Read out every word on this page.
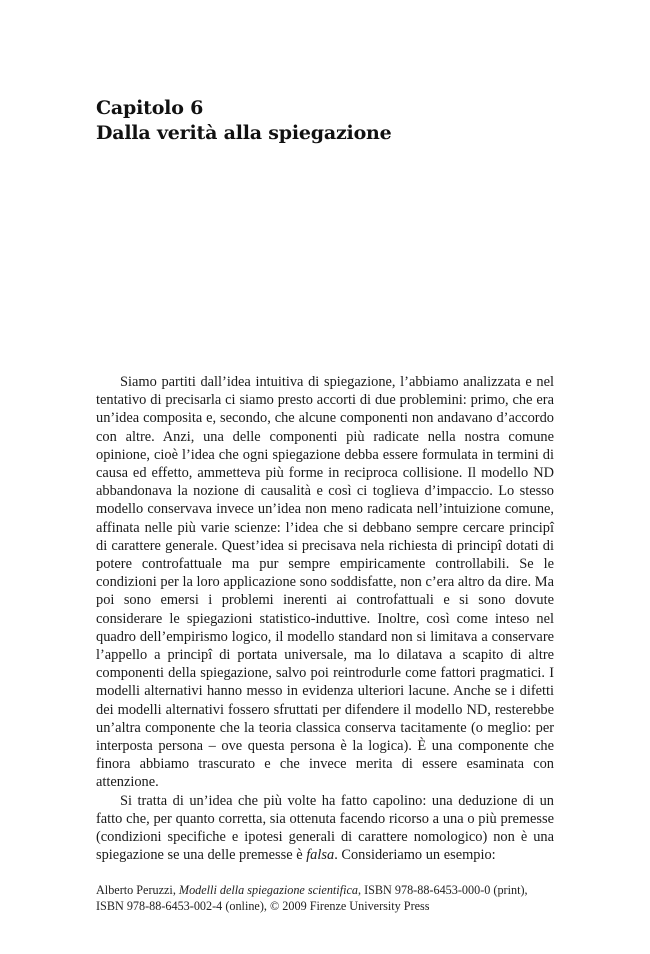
Capitolo 6
Dalla verità alla spiegazione

Siamo partiti dall’idea intuitiva di spiegazione, l’abbiamo analizzata e nel tentativo di precisarla ci siamo presto accorti di due problemini: primo, che era un’idea composita e, secondo, che alcune componenti non andavano d’accordo con altre. Anzi, una delle componenti più radicate nella nostra comune opinione, cioè l’idea che ogni spiegazione debba essere formulata in termini di causa ed effetto, ammetteva più forme in reciproca collisione. Il modello ND abbandonava la nozione di causalità e così ci toglieva d’impaccio. Lo stesso modello conservava invece un’idea non meno radicata nell’intuizione comune, affinata nelle più varie scienze: l’idea che si debbano sempre cercare principî di carattere generale. Quest’idea si precisava nela richiesta di principî dotati di potere controfattuale ma pur sempre empiricamente controllabili. Se le condizioni per la loro applicazione sono soddisfatte, non c’era altro da dire. Ma poi sono emersi i problemi inerenti ai controfattuali e si sono dovute considerare le spiegazioni statistico-induttive. Inoltre, così come inteso nel quadro dell’empirismo logico, il modello standard non si limitava a conservare l’appello a principî di portata universale, ma lo dilatava a scapito di altre componenti della spiegazione, salvo poi reintrodurle come fattori pragmatici. I modelli alternativi hanno messo in evidenza ulteriori lacune. Anche se i difetti dei modelli alternativi fossero sfruttati per difendere il modello ND, resterebbe un’altra componente che la teoria classica conserva tacitamente (o meglio: per interposta persona – ove questa persona è la logica). È una componente che finora abbiamo trascurato e che invece merita di essere esaminata con attenzione.

Si tratta di un’idea che più volte ha fatto capolino: una deduzione di un fatto che, per quanto corretta, sia ottenuta facendo ricorso a una o più premesse (condizioni specifiche e ipotesi generali di carattere nomologico) non è una spiegazione se una delle premesse è falsa. Consideriamo un esempio:

Alberto Peruzzi, Modelli della spiegazione scientifica, ISBN 978-88-6453-000-0 (print), ISBN 978-88-6453-002-4 (online), © 2009 Firenze University Press
